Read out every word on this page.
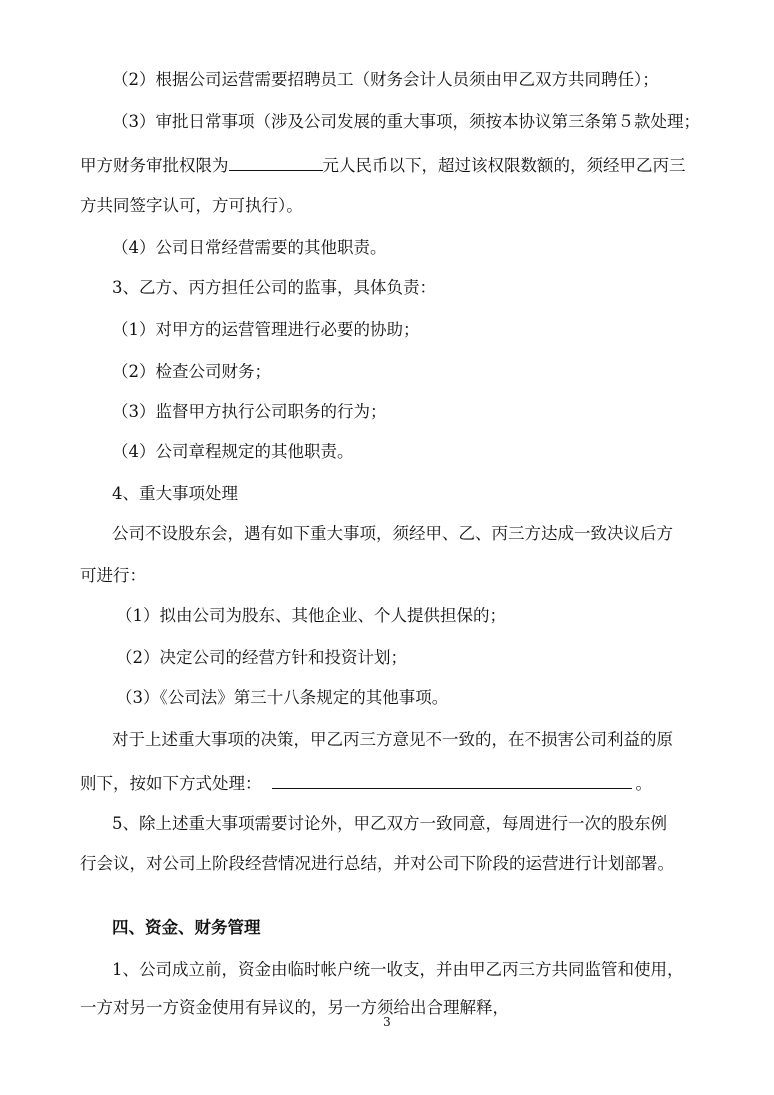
（2）根据公司运营需要招聘员工（财务会计人员须由甲乙双方共同聘任）；
（3）审批日常事项（涉及公司发展的重大事项，须按本协议第三条第５款处理；
甲方财务审批权限为	元人民币以下，超过该权限数额的，须经甲乙丙三
方共同签字认可，方可执行）。
（4）公司日常经营需要的其他职责。
3、乙方、丙方担任公司的监事，具体负责：
（1）对甲方的运营管理进行必要的协助；
（2）检查公司财务；
（3）监督甲方执行公司职务的行为；
（4）公司章程规定的其他职责。
4、重大事项处理
公司不设股东会，遇有如下重大事项，须经甲、乙、丙三方达成一致决议后方
可进行：
（1）拟由公司为股东、其他企业、个人提供担保的；
（2）决定公司的经营方针和投资计划；
（3）《公司法》第三十八条规定的其他事项。
对于上述重大事项的决策，甲乙丙三方意见不一致的，在不损害公司利益的原
则下，按如下方式处理：	。
5、除上述重大事项需要讨论外，甲乙双方一致同意，每周进行一次的股东例
行会议，对公司上阶段经营情况进行总结，并对公司下阶段的运营进行计划部署。
四、资金、财务管理
1、公司成立前，资金由临时帐户统一收支，并由甲乙丙三方共同监管和使用，
一方对另一方资金使用有异议的，另一方须给出合理解释，
3
